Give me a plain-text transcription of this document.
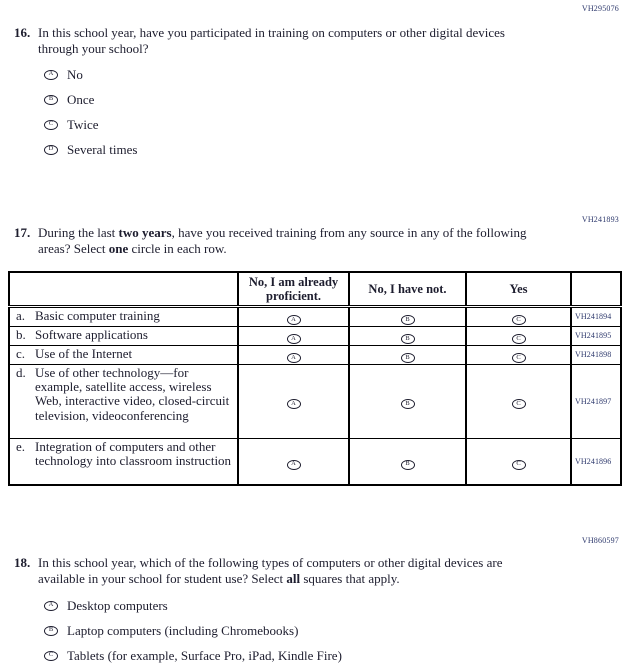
VH295076
16. In this school year, have you participated in training on computers or other digital devices through your school?
A	No
B	Once
C	Twice
D	Several times
VH241893
17. During the last two years, have you received training from any source in any of the following areas? Select one circle in each row.
	No, I am already proficient.	No, I have not.	Yes	

a. Basic computer training	A	B	C	VH241894

b. Software applications	A	B	C	VH241895

c. Use of the Internet	A	B	C	VH241898

d. Use of other technology—for example, satellite access, wireless Web, interactive video, closed-circuit television, videoconferencing	A	B	C	VH241897

e. Integration of computers and other technology into classroom instruction	A	B	C	VH241896
VH860597
18. In this school year, which of the following types of computers or other digital devices are available in your school for student use? Select all squares that apply.
A	Desktop computers
B	Laptop computers (including Chromebooks)
C	Tablets (for example, Surface Pro, iPad, Kindle Fire)
